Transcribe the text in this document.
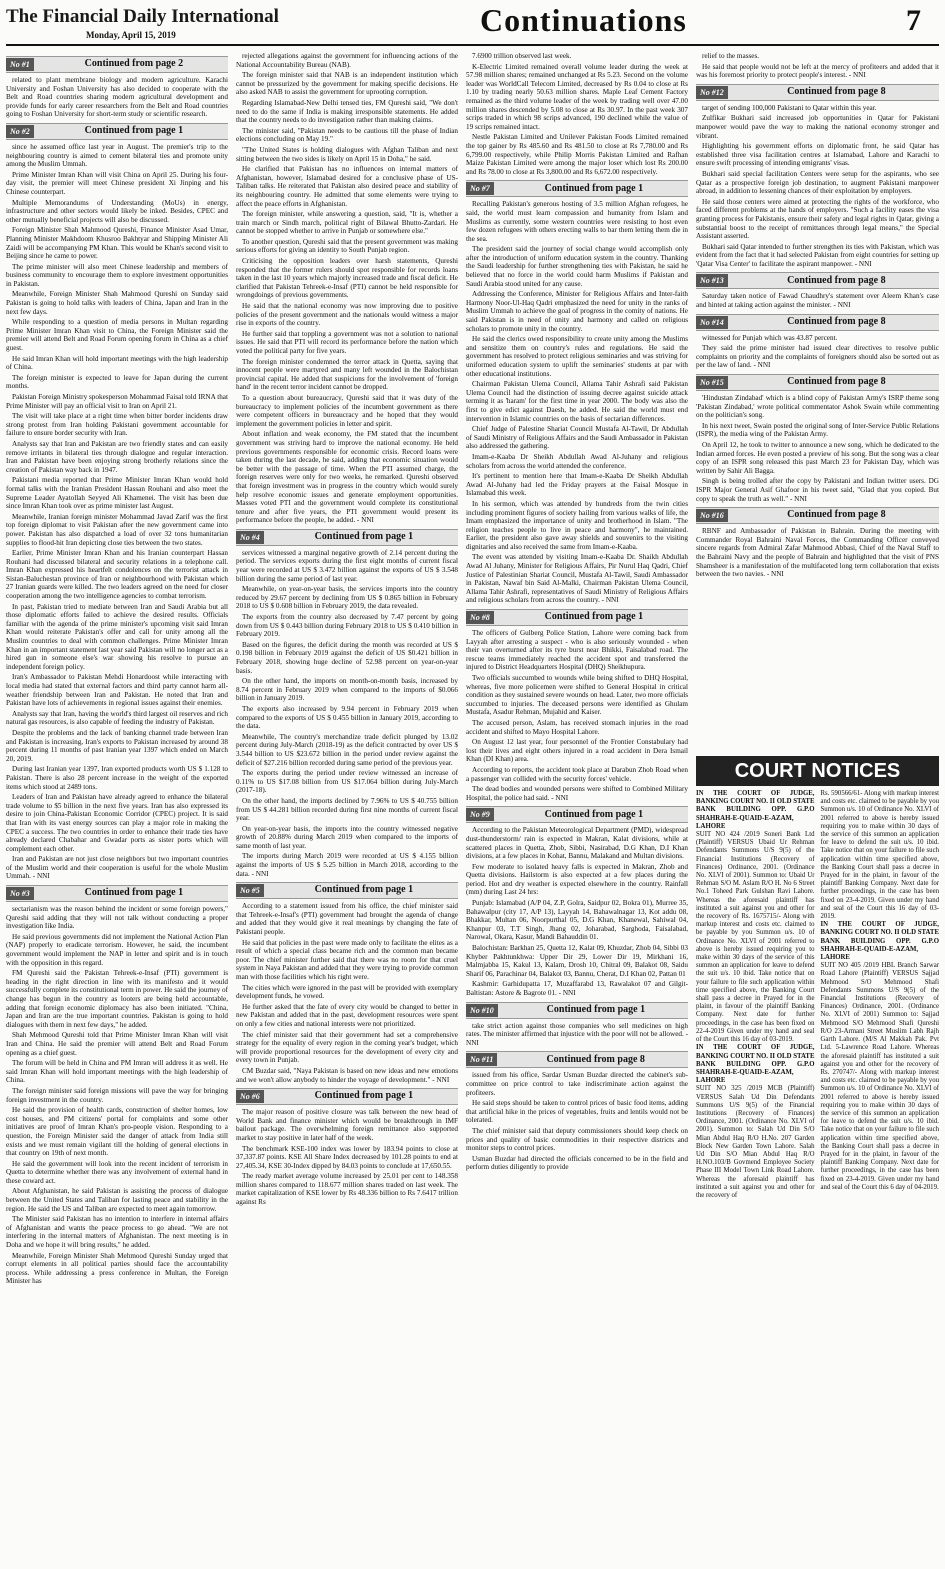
The Financial Daily International
Monday, April 15, 2019	Continuations	7
No #1	Continued from page 2

related to plant membrane biology and modern agriculture. Karachi University and Foshan University has also decided to cooperate with the Belt and Road countries sharing modern agricultural development and provide funds for early career researchers from the Belt and Road countries going to Foshan University for short-term study or scientific research.

No #2	Continued from page 1

since he assumed office last year in August. The premier's trip to the neighbouring country is aimed to cement bilateral ties and promote unity among the Muslim Ummah.

Prime Minister Imran Khan will visit China on April 25. During his four-day visit, the premier will meet Chinese president Xi Jinping and his Chinese counterpart.

Multiple Memorandums of Understanding (MoUs) in energy, infrastructure and other sectors would likely be inked. Besides, CPEC and other mutually beneficial projects will also be discussed.

Foreign Minister Shah Mahmood Qureshi, Finance Minister Asad Umar, Planning Minister Makhdoom Khusroo Bakhtyar and Shipping Minister Ali Zaidi will be accompanying PM Khan. This would be Khan's second visit to Beijing since he came to power.

The prime minister will also meet Chinese leadership and members of business community to encourage them to explore investment opportunities in Pakistan.

Meanwhile, Foreign Minister Shah Mahmood Qureshi on Sunday said Pakistan is going to hold talks with leaders of China, Japan and Iran in the next few days.

While responding to a question of media persons in Multan regarding Prime Minister Imran Khan visit to China, the Foreign Minister said the premier will attend Belt and Road Forum opening forum in China as a chief guest.

He said Imran Khan will hold important meetings with the high leadership of China.

The foreign minister is expected to leave for Japan during the current months.

Pakistan Foreign Ministry spokesperson Mohammad Faisal told IRNA that Prime Minister will pay an official visit to Iran on April 21.

The visit will take place at a right time when bitter border incidents draw strong protest from Iran holding Pakistani government accountable for failure to ensure border security with Iran.

Analysts say that Iran and Pakistan are two friendly states and can easily remove irritants in bilateral ties through dialogue and regular interaction. Iran and Pakistan have been enjoying strong brotherly relations since the creation of Pakistan way back in 1947.

Pakistani media reported that Prime Minister Imran Khan would hold formal talks with the Iranian President Hassan Rouhani and also meet the Supreme Leader Ayatollah Seyyed Ali Khamenei. The visit has been due since Imran Khan took over as prime minister last August.

Meanwhile, Iranian foreign minister Mohammad Javad Zarif was the first top foreign diplomat to visit Pakistan after the new government came into power. Pakistan has also dispatched a load of over 32 tons humanitarian supplies to flood-hit Iran depicting close ties between the two states.

Earlier, Prime Minister Imran Khan and his Iranian counterpart Hassan Rouhani had discussed bilateral and security relations in a telephone call. Imran Khan expressed his heartfelt condolences on the terrorist attack in Sistan-Baluchestan province of Iran or neighbourhood with Pakistan which 27 Iranian guards were killed. The two leaders agreed on the need for closer cooperation among the two intelligence agencies to combat terrorism.

In past, Pakistan tried to mediate between Iran and Saudi Arabia but all those diplomatic efforts failed to achieve the desired results. Officials familiar with the agenda of the prime minister's upcoming visit said Imran Khan would reiterate Pakistan's offer and call for unity among all the Muslim countries to deal with common challenges. Prime Minister Imran Khan in an important statement last year said Pakistan will no longer act as a hired gun in someone else's war showing his resolve to pursue an independent foreign policy.

Iran's Ambassador to Pakistan Mehdi Honardoost while interacting with local media had stated that external factors and third party cannot harm all-weather friendship between Iran and Pakistan. He noted that Iran and Pakistan have lots of achievements in regional issues against their enemies.

Analysts say that Iran, having the world's third largest oil reserves and rich natural gas resources, is also capable of feeding the industry of Pakistan.

Despite the problems and the lack of banking channel trade between Iran and Pakistan is increasing, Iran's exports to Pakistan increased by around 38 percent during 11 months of past Iranian year 1397 which ended on March 20, 2019.

During last Iranian year 1397, Iran exported products worth US $ 1.128 to Pakistan. There is also 28 percent increase in the weight of the exported items which stood at 2489 tons.

Leaders of Iran and Pakistan have already agreed to enhance the bilateral trade volume to $5 billion in the next five years. Iran has also expressed its desire to join China-Pakistan Economic Corridor (CPEC) project. It is said that Iran with its vast energy sources can play a major role in making the CPEC a success. The two countries in order to enhance their trade ties have already declared Chabahar and Gwadar ports as sister ports which will complement each other.

Iran and Pakistan are not just close neighbors but two important countries of the Muslim world and their cooperation is useful for the whole Muslim Ummah. - NNI

No #3	Continued from page 1

sectarianism was the reason behind the incident or some foreign powers," Qureshi said adding that they will not talk without conducting a proper investigation Iike India.

He said previous governments did not implement the National Action Plan (NAP) properly to eradicate terrorism. However, he said, the incumbent government would implement the NAP in letter and spirit and is in touch with the opposition in this regard.

FM Qureshi said the Pakistan Tehreek-e-Insaf (PTI) government is heading in the right direction in line with its manifesto and it would successfully complete its constitutional term in power. He said the journey of change has begun in the country as looters are being held accountable, adding that foreign economic diplomacy has also been initiated. "China, Japan and Iran are the true important countries. Pakistan is going to hold dialogues with them in next few days," he added.

Shah Mehmood Qureshi told that Prime Minister Imran Khan will visit Iran and China. He said the premier will attend Belt and Road Forum opening as a chief guest.

The forum will be held in China and PM Imran will address it as well. He said Imran Khan will hold important meetings with the high leadership of China.

The foreign minister said foreign missions will pave the way for bringing foreign investment in the country.

He said the provision of health cards, construction of shelter homes, low cost houses, and PM citizens' portal for complaints and some other initiatives are proof of Imran Khan's pro-people vision. Responding to a question, the Foreign Minister said the danger of attack from India still exists and we must remain vigilant till the holding of general elections in that country on 19th of next month.

He said the government will look into the recent incident of terrorism in Quetta to determine whether there was any involvement of external hand in these coward act.

About Afghanistan, he said Pakistan is assisting the process of dialogue between the United States and Taliban for lasting peace and stability in the region. He said the US and Taliban are expected to meet again tomorrow.

The Minister said Pakistan has no intention to interfere in internal affairs of Afghanistan and wants the peace process to go ahead. "We are not interfering in the internal matters of Afghanistan. The next meeting is in Doha and we hope it will bring results," he added.

Meanwhile, Foreign Minister Shah Mehmood Qureshi Sunday urged that corrupt elements in all political parties should face the accountability process. While addressing a press conference in Multan, the Foreign Minister has

rejected allegations against the government for influencing actions of the National Accountability Bureau (NAB).

The foreign minister said that NAB is an independent institution which cannot be pressurized by the government for making specific decisions. He also asked NAB to assist the government for uprooting corruption.

Regarding Islamabad-New Delhi tensed ties, FM Qureshi said, "We don't need to do the same if India is making irresponsible statements. He added that the country needs to do investigation rather than making claims.

The minister said, "Pakistan needs to be cautious till the phase of Indian elections concluding on May 19."

"The United States is holding dialogues with Afghan Taliban and next sitting between the two sides is likely on April 15 in Doha," he said.

He clarified that Pakistan has no influences on internal matters of Afghanistan, however, Islamabad desired for a conclusive phase of US-Taliban talks. He reiterated that Pakistan also desired peace and stability of its neighbouring country. He admitted that some elements were trying to affect the peace efforts in Afghanistan.

The foreign minister, while answering a question, said, "It is, whether a train march or Sindh march, political right of Bilawal Bhutto-Zardari. He cannot be stopped whether to arrive in Punjab or somewhere else."

To another question, Qureshi said that the present government was making serious efforts for giving an identity to South Punjab region.

Criticising the opposition leaders over harsh statements, Qureshi responded that the former rulers should spot responsible for records loans taken in the last 10 years which majorly increased trade and fiscal deficit. He clarified that Pakistan Tehreek-e-Insaf (PTI) cannot be held responsible for wrongdoings of previous governments.

He said that the national economy was now improving due to positive policies of the present government and the nationals would witness a major rise in exports of the country.

He further said that toppling a government was not a solution to national issues. He said that PTI will record its performance before the nation which voted the political party for five years.

The foreign minister condemned the terror attack in Quetta, saying that innocent people were martyred and many left wounded in the Balochistan provincial capital. He added that suspicions for the involvement of 'foreign hand' in the recent terror incident cannot be dropped.

To a question about bureaucracy, Qureshi said that it was duty of the bureaucracy to implement policies of the incumbent government as there were competent officers in bureaucracy and he hoped that they would implement the government policies in letter and spirit.

About inflation and weak economy, the FM stated that the incumbent government was striving hard to improve the national economy. He held previous governments responsible for economic crisis. Record loans were taken during the last decade, he said, adding that economic situation would be better with the passage of time. When the PTI assumed charge, the foreign reserves were only for two weeks, he remarked. Qureshi observed that foreign investment was in progress in the country which would surely help resolve economic issues and generate employment opportunities. Masses voted PTI and the government would complete its constitutional tenure and after five years, the PTI government would present its performance before the people, he added. - NNI

No #4	Continued from page 1

services witnessed a marginal negative growth of 2.14 percent during the period. The services exports during the first eight months of current fiscal year were recorded at US $ 3.472 billion against the exports of US $ 3.548 billion during the same period of last year.

Meanwhile, on year-on-year basis, the services imports into the country reduced by 29.67 percent by declining from US $ 0.865 billion in February 2018 to US $ 0.608 billion in February 2019, the data revealed.

The exports from the country also decreased by 7.47 percent by going down from US $ 0.443 billion during February 2018 to US $ 0.410 billion in February 2019.

Based on the figures, the deficit during the month was recorded at US $ 0.198 billion in February 2019 against the deficit of US $0.421 billion in February 2018, showing huge decline of 52.98 percent on year-on-year basis.

On the other hand, the imports on month-on-month basis, increased by 8.74 percent in February 2019 when compared to the imports of $0.066 billion in January 2019.

The exports also increased by 9.94 percent in February 2019 when compared to the exports of US $ 0.455 billion in January 2019, according to the data.

Meanwhile, The country's merchandize trade deficit plunged by 13.02 percent during July-March (2018-19) as the deficit contracted by over US $ 3.544 billion to US $23.672 billion in the period under review against the deficit of $27.216 billion recorded during same period of the previous year.

The exports during the period under review witnessed an increase of 0.11% to US $17.08 billion from US $17.064 billion during July-March (2017-18).

On the other hand, the imports declined by 7.96% to US $ 40.755 billion from US $ 44.281 billion recorded during first nine months of current fiscal year.

On year-on-year basis, the imports into the country witnessed negative growth of 20.88% during March 2019 when compared to the imports of same month of last year.

The imports during March 2019 were recorded at US $ 4.155 billion against the imports of US $ 5.25 billion in March 2018, according to the data. - NNI

No #5	Continued from page 1

According to a statement issued from his office, the chief minister said that Tehreek-e-Insaf's (PTI) government had brought the agenda of change and added that they would give it real meanings by changing the fate of Pakistani people.

He said that policies in the past were made only to facilitate the elites as a result of which a special class became rich and the common man became poor. The chief minister further said that there was no room for that cruel system in Naya Pakistan and added that they were trying to provide common man with those facilities which his right were.

The cities which were ignored in the past will be provided with exemplary development funds, he vowed.

He further asked that the fate of every city would be changed to better in new Pakistan and added that in the past, development resources were spent on only a few cities and national interests were not prioritized.

The chief minister said that their government had set a comprehensive strategy for the equality of every region in the coming year's budget, which will provide proportional resources for the development of every city and every town in Punjab.

CM Buzdar said, "Naya Pakistan is based on new ideas and new emotions and we won't allow anybody to hinder the voyage of development." - NNI

No #6	Continued from page 1

The major reason of positive closure was talk between the new head of World Bank and finance minister which would be breakthrough in IMF bailout package. The overwhelming foreign remittance also supported market to stay positive in later half of the week.

The benchmark KSE-100 index was lower by 183.94 points to close at 37,337.87 points. KSE All Share Index decreased by 101.28 points to end at 27,405.34, KSE 30-Index dipped by 84.03 points to conclude at 17,650.55.

The ready market average volume increased by 25.01 per cent to 148.358 million shares compared to 118.677 million shares traded on last week. The market capitalization of KSE lower by Rs 48.336 billion to Rs 7.6417 trillion against Rs

7.6900 trillion observed last week.

K-Electric Limited remained overall volume leader during the week at 57.98 million shares; remained unchanged at Rs 5.23. Second on the volume leader was WorldCall Telecom Limited, decreased by Rs 0.04 to close at Rs 1.10 by trading nearly 50.63 million shares. Maple Leaf Cement Factory remained as the third volume leader of the week by trading well over 47.00 million shares descended by 5.08 to close at Rs 30.97. In the past week 307 scrips traded in which 98 scrips advanced, 190 declined while the value of 19 scrips remained intact.

Nestle Pakistan Limited and Unilever Pakistan Foods Limited remained the top gainer by Rs 485.60 and Rs 481.50 to close at Rs 7,780.00 and Rs 6,799.00 respectively, while Philip Morris Pakistan Limited and Rafhan Maize Pakistan Limited were among the major loser which lost Rs 200.00 and Rs 78.00 to close at Rs 3,800.00 and Rs 6,672.00 respectively.

No #7	Continued from page 1

Recalling Pakistan's generous hosting of 3.5 million Afghan refugees, he said, the world must learn compassion and humanity from Islam and Muslims as currently, some western countries were resisting to host even few dozen refugees with others erecting walls to bar them letting them die in the sea.

The president said the journey of social change would accomplish only after the introduction of uniform education system in the country. Thanking the Saudi leadership for further strengthening ties with Pakistan, he said he believed that no force in the world could harm Muslims if Pakistan and Saudi Arabia stood united for any cause.

Addressing the Conference, Minister for Religious Affairs and Inter-faith Harmony Noor-Ul-Haq Qadri emphasized the need for unity in the ranks of Muslim Ummah to achieve the goal of progress in the comity of nations. He said Pakistan is in need of unity and harmony and called on religious scholars to promote unity in the country.

He said the clerics owed responsibility to create unity among the Muslims and sensitize them on country's rules and regulations. He said the government has resolved to protect religious seminaries and was striving for uniformed education system to uplift the seminaries' students at par with other educational institutions.

Chairman Pakistan Ulema Council, Allama Tahir Ashrafi said Pakistan Ulema Council had the distinction of issuing decree against suicide attack terming it as 'haram' for the first time in year 2000. The body was also the first to give edict against Daesh, he added. He said the world must end intervention in Islamic countries on the basis of sectarian differences.

Chief Judge of Palestine Shariat Council Mustafa Al-Tawil, Dr Abdullah of Saudi Ministry of Religious Affairs and the Saudi Ambassador in Pakistan also addressed the gathering.

Imam-e-Kaaba Dr Sheikh Abdullah Awad Al-Juhany and religious scholars from across the world attended the conference.

It's pertinent to mention here that Imam-e-Kaaba Dr Sheikh Abdullah Awad Al-Juhany had led the Friday prayers at the Faisal Mosque in Islamabad this week.

In his sermon, which was attended by hundreds from the twin cities including prominent figures of society hailing from various walks of life, the Imam emphasized the importance of unity and brotherhood in Islam. "The religion teaches people to live in peace and harmony", he maintained. Earlier, the president also gave away shields and souvenirs to the visiting dignitaries and also received the same from Imam-e-Kaaba.

The event was attended by visiting Imam-e-Kaaba Dr. Shaikh Abdullah Awad Al Juhany, Minister for Religious Affairs, Pir Nurul Haq Qadri, Chief Justice of Palestinian Shariat Council, Mustafa Al-Tawil, Saudi Ambassador in Pakistan, Nawaf bin Said Al-Malki, Chairman Pakistan Ulema Council, Allama Tahir Ashrafi, representatives of Saudi Ministry of Religious Affairs and religious scholars from across the country. - NNI

No #8	Continued from page 1

The officers of Gulberg Police Station, Lahore were coming back from Layyah after arresting a suspect - who is also seriously wounded - when their van overturned after its tyre burst near Bhikki, Faisalabad road. The rescue teams immediately reached the accident spot and transferred the injured to District Headquarters Hospital (DHQ) Sheikhupura.

Two officials succumbed to wounds while being shifted to DHQ Hospital, whereas, five more policemen were shifted to General Hospital in critical condition as they sustained severe wounds on head. Later, two more officials succumbed to injuries. The deceased persons were identified as Ghulam Mustafa, Asadur Rehman, Mujahid and Kaiser.

The accused person, Aslam, has received stomach injuries in the road accident and shifted to Mayo Hospital Lahore.

On August 12 last year, four personnel of the Frontier Constabulary had lost their lives and eight others injured in a road accident in Dera Ismail Khan (DI Khan) area.

According to reports, the accident took place at Darabun Zhob Road when a passenger van collided with the security forces' vehicle.

The dead bodies and wounded persons were shifted to Combined Military Hospital, the police had said. - NNI

No #9	Continued from page 1

According to the Pakistan Meteorological Department (PMD), widespread dust-thunderstorm/ rain is expected in Makran, Kalat divisions, while at scattered places in Quetta, Zhob, Sibbi, Nasirabad, D.G Khan, D.I Khan divisions, at a few places in Kohat, Bannu, Malakand and Multan divisions.

Few moderate to isolated heavy falls is expected in Makran, Zhob and Quetta divisions. Hailstorm is also expected at a few places during the period. Hot and dry weather is expected elsewhere in the country. Rainfall (mm) during Last 24 hrs:

Punjab: Islamabad (A/P 04, Z.P, Golra, Saidpur 02, Bokra 01), Murree 35, Bahawalpur (city 17, A/P 13), Layyah 14, Bahawalnagar 13, Kot addu 08, Bhakkar, Multan 06, Noorpurthal 05, D.G Khan, Khanewal, Sahiwal 04, Khanpur 03, T.T Singh, Jhang 02, Joharabad, Sarghoda, Faisalabad, Narowal, Okara, Kasur, Mandi Bahauddin 01.

Balochistan: Barkhan 25, Quetta 12, Kalat 09, Khuzdar, Zhob 04, Sibbi 03 Khyber Pakhtunkhwa: Upper Dir 29, Lower Dir 19, Mirkhani 16, Malmjabba 15, Kakul 13, Kalam, Drosh 10, Chitral 09, Balakot 08, Saidu Sharif 06, Parachinar 04, Balakot 03, Bannu, Cherat, D.I Khan 02, Pattan 01

Kashmir: Garhidupatta 17, Muzaffarabd 13, Rawalakot 07 and Gilgit-Baltistan: Astore & Bagrote 01. - NNI

No #10	Continued from page 1

take strict action against those companies who sell medicines on high rates. The minister affirmed that injustice with the poor will not be allowed. - NNI

No #11	Continued from page 8

issued from his office, Sardar Usman Buzdar directed the cabinet's sub-committee on price control to take indiscriminate action against the profiteers.

He said steps should be taken to control prices of basic food items, adding that artificial hike in the prices of vegetables, fruits and lentils would not be tolerated.

The chief minister said that deputy commissioners should keep check on prices and quality of basic commodities in their respective districts and monitor steps to control prices.

Usman Buzdar had directed the officials concerned to be in the field and perform duties diligently to provide

relief to the masses.

He said that people would not be left at the mercy of profiteers and added that it was his foremost priority to protect people's interest. - NNI

No #12	Continued from page 8

target of sending 100,000 Pakistani to Qatar within this year.

Zulfikar Bukhari said increased job opportunities in Qatar for Pakistani manpower would pave the way to making the national economy stronger and vibrant.

Highlighting his government efforts on diplomatic front, he said Qatar has established three visa facilitation centres at Islamabad, Lahore and Karachi to ensure swift processing of intending emigrants' visas.

Bukhari said special facilitation Centers were setup for the aspirants, who see Qatar as a prospective foreign job destination, to augment Pakistani manpower abroad, in addition to lessening chances of their exploitation by employers.

He said those centers were aimed at protecting the rights of the workforce, who faced different problems at the hands of employers. "Such a facility eases the visa granting process for Pakistanis, ensure their safety and legal rights in Qatar, giving a substantial boost to the receipt of remittances through legal means," the Special Assistant asserted.

Bukhari said Qatar intended to further strengthen its ties with Pakistan, which was evident from the fact that it had selected Pakistan from eight countries for setting up 'Qatar Visa Center' to facilitate the aspirant manpower. - NNI

No #13	Continued from page 8

Saturday taken notice of Fawad Chaudhry's statement over Aleem Khan's case and hinted at taking action against the minister. - NNI

No #14	Continued from page 8

witnessed for Punjab which was 43.87 percent.

They said the prime minister had issued clear directives to resolve public complaints on priority and the complaints of foreigners should also be sorted out as per the law of land. - NNI

No #15	Continued from page 8

'Hindustan Zindabad' which is a blind copy of Pakistan Army's ISRP theme song 'Pakistan Zindabad,' wrote political commentator Ashok Swain while commenting on the politician's song.

In his next tweet, Swain posted the original song of Inter-Service Public Relations (ISPR), the media wing of the Pakistan Army.

On April 12, he took to twitter to announce a new song, which he dedicated to the Indian armed forces. He even posted a preview of his song. But the song was a clear copy of an ISPR song released this past March 23 for Pakistan Day, which was written by Sahir Ali Bagga.

Singh is being trolled after the copy by Pakistani and Indian twitter users. DG ISPR Major General Asif Ghafoor in his tweet said, "Glad that you copied. But copy to speak the truth as well." - NNI

No #16	Continued from page 8

RBNF and Ambassador of Pakistan in Bahrain. During the meeting with Commander Royal Bahraini Naval Forces, the Commanding Officer conveyed sincere regards from Admiral Zafar Mahmood Abbasi, Chief of the Naval Staff to the Bahraini Navy and the people of Bahrain and highlighted that the visit of PNS Shamsheer is a manifestation of the multifaceted long term collaboration that exists between the two navies. - NNI

COURT NOTICES
IN THE COURT OF JUDGE, BANKING COURT NO. II OLD STATE BANK BUILDING OPP. G.P.O SHAHRAH-E-QUAID-E-AZAM, LAHORE
SUIT NO 424 /2019 Soneri Bank Ltd (Plaintiff) VERSUS Ubaid Ur Rehman Defendants Summons U/S 9(5) of the Financial Institutions (Recovery of Finances) Ordinance, 2001. (Ordinance No. XLVI of 2001). Summon to: Ubaid Ur Rehman S/O M. Aslam R/O H. No 6 Street No.1 Toheed Park Gulshan Ravi Lahore. Whereas the aforesaid plaintiff has instituted a suit against you and other for the recovery of Rs. 1675715/- Along with markup interest and costs etc. claimed to be payable by you Summon u/s. 10 of Ordinance No. XLVI of 2001 referred to above is hereby issued requiring you to make within 30 days of the service of this summon an application for leave to defend the suit u/s. 10 ibid. Take notice that on your failure to file such application within time specified above, the Banking Court shall pass a decree in Prayed for in the plaint, in favour of the plaintiff Banking Company. Next date for further proceedings, in the case has been fixed on 22-4-2019 Given under my hand and seal of the Court this 16 day of 03-2019.
IN THE COURT OF JUDGE, BANKING COURT NO. II OLD STATE BANK BUILDING OPP. G.P.O SHAHRAH-E-QUAID-E-AZAM, LAHORE
SUIT NO 325 /2019 MCB (Plaintiff) VERSUS Salah Ud Din Defendants Summons U/S 9(5) of the Financial Institutions (Recovery of Finances) Ordinance, 2001. (Ordinance No. XLVI of 2001). Summon to: Salah Ud Din S/O Mian Abdul Haq R/O H.No. 207 Garden Block New Garden Town Lahore. Salah Ud Din S/O Mian Abdul Haq R/O H.NO.103/B Govmend Employee Society Phase III Model Town Link Road Lahore. Whereas the aforesaid plaintiff has instituted a suit against you and other for the recovery of
Rs. 590566/61- Along with markup interest and costs etc. claimed to be payable by you Summon u/s. 10 of Ordinance No. XLVI of 2001 referred to above is hereby issued requiring you to make within 30 days of the service of this summon an application for leave to defend the suit u/s. 10 ibid. Take notice that on your failure to file such application within time specified above, the Banking Court shall pass a decree in Prayed for in the plaint, in favour of the plaintiff Banking Company. Next date for further proceedings, in the case has been fixed on 23-4-2019. Given under my hand and seal of the Court this 16 day of 03-2019.
IN THE COURT OF JUDGE, BANKING COURT NO. II OLD STATE BANK BUILDING OPP. G.P.O SHAHRAH-E-QUAID-E-AZAM, LAHORE
SUIT NO 405 /2019 HBL Branch Sarwar Road Lahore (Plaintiff) VERSUS Sajjad Mehmood S/O Mehmood Shafi Defendants Summons U/S 9(5) of the Financial Institutions (Recovery of Finances) Ordinance, 2001. (Ordinance No. XLVI of 2001) Summon to: Sajjad Mehmood S/O Mehmood Shafi Qureshi R/O 23-Armani Street Muslim Labh Rajh Garth Lahore. (M/S Al Makkah Pak. Pvt Ltd. 5-Lawrence Road Lahore. Whereas the aforesaid plaintiff has instituted a suit against you and other for the recovery of Rs. 270747/- Along with markup interest and costs etc. claimed to be payable by you Summon u/s. 10 of Ordinance No. XLVI of 2001 referred to above is hereby issued requiring you to make within 30 days of the service of this summon an application for leave to defend the suit u/s. 10 ibid. Take notice that on your failure to file such application within time specified above, the Banking Court shall pass a decree in Prayed for in the plaint, in favour of the plaintiff Banking Company. Next date for further proceedings, in the case has been fixed on 23-4-2019. Given under my hand and seal of the Court this 6 day of 04-2019.
